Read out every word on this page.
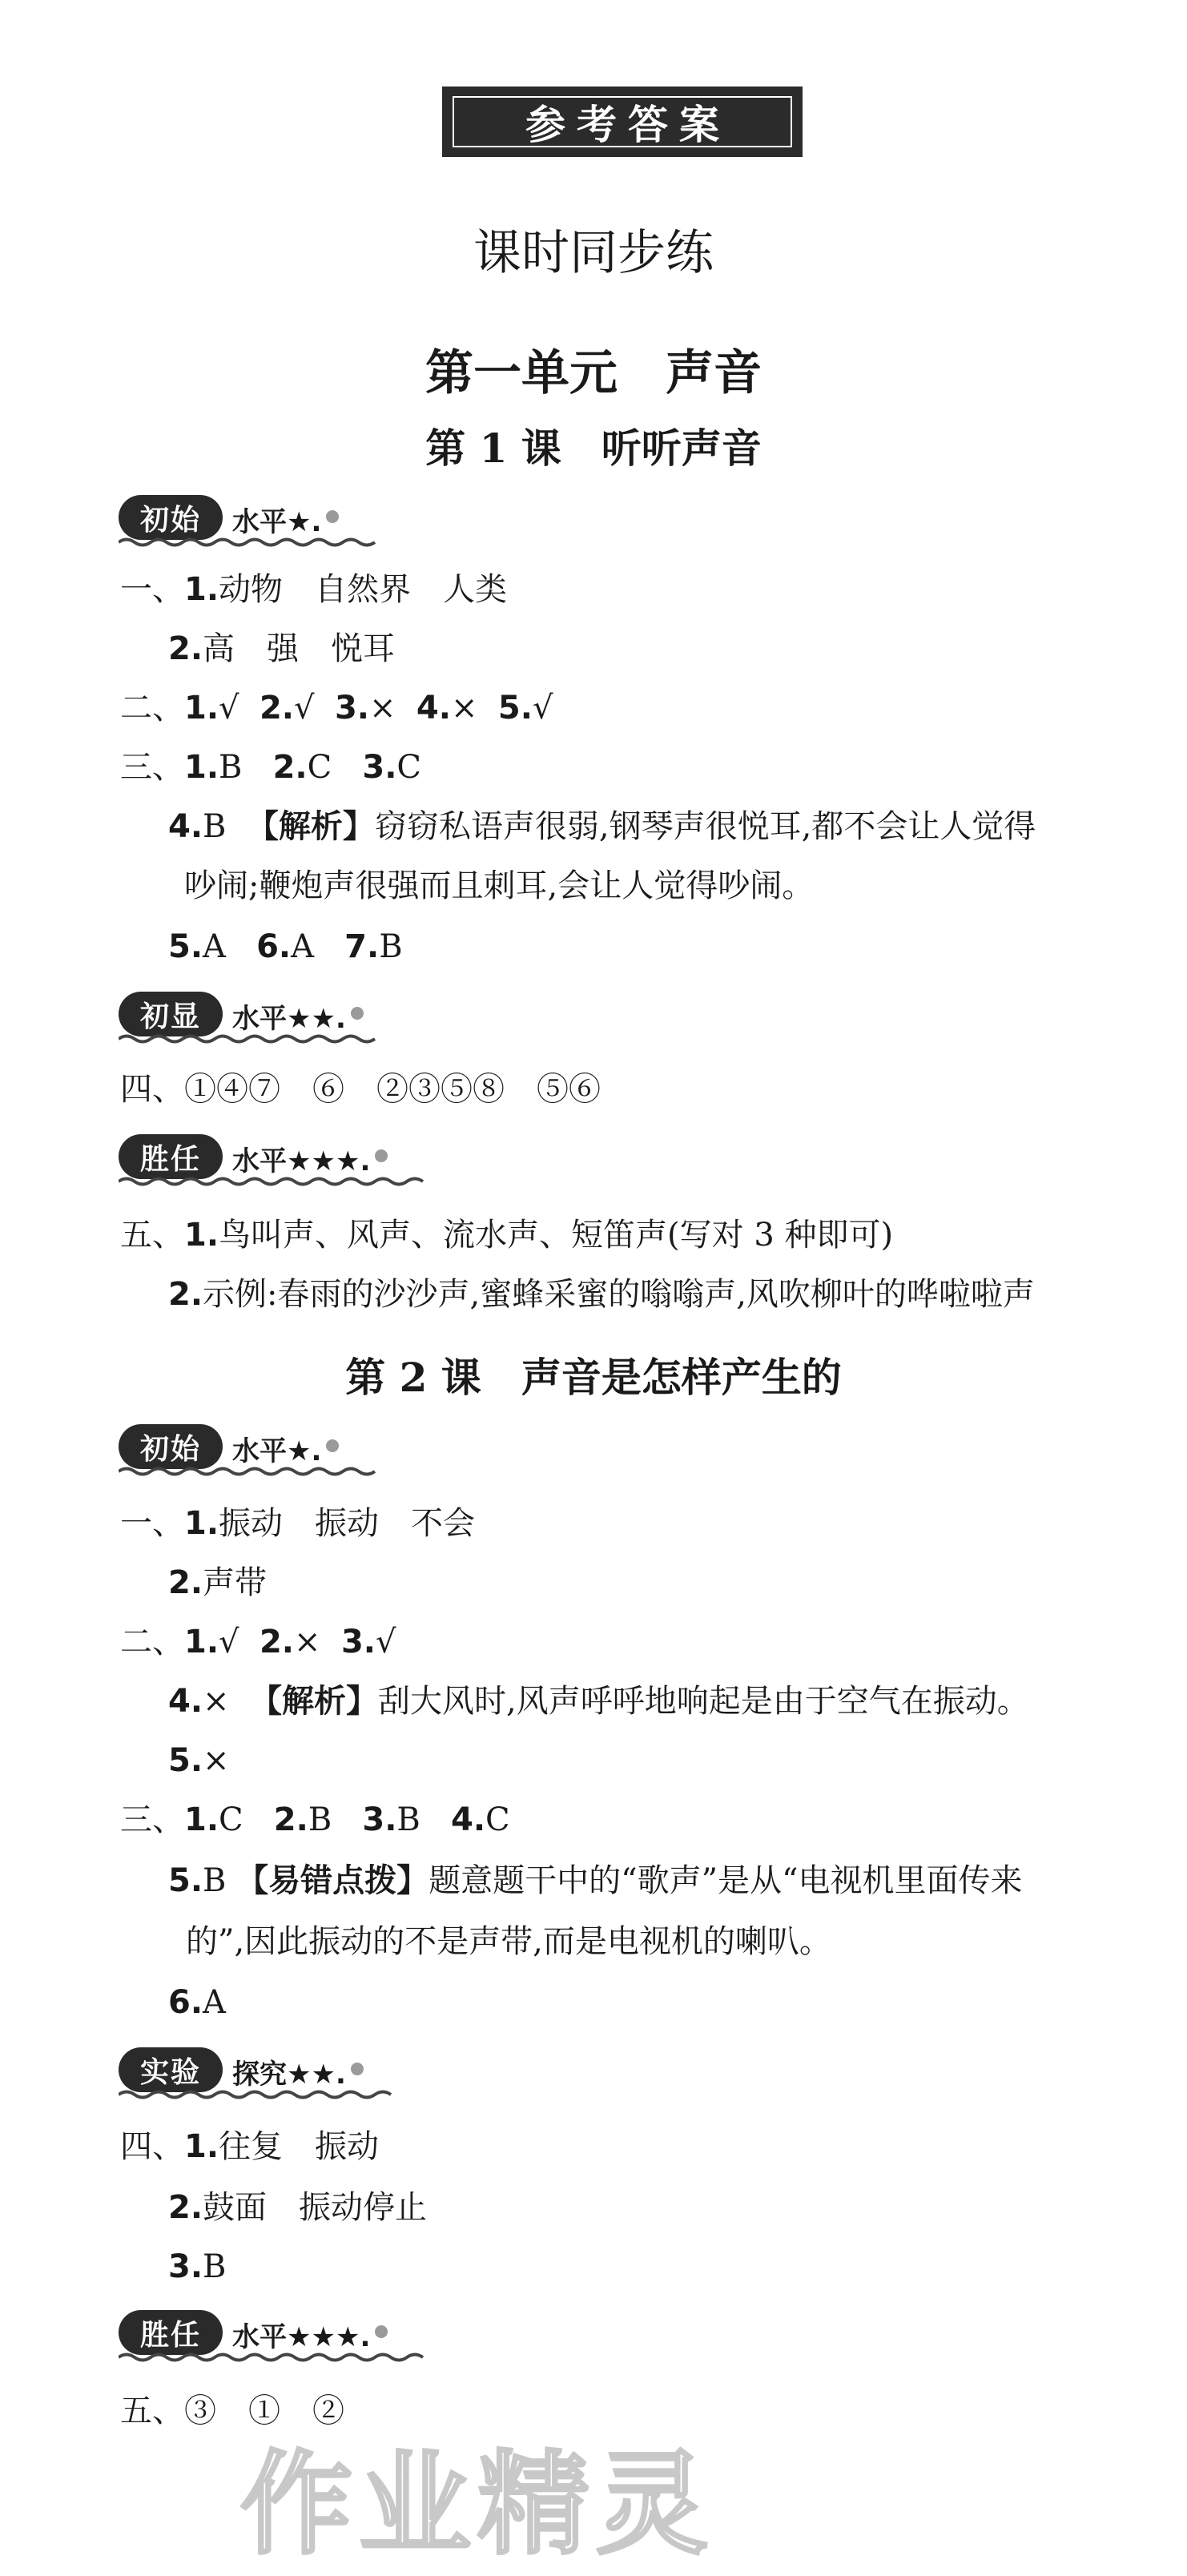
参考答案
课时同步练
第一单元　声音
第 1 课　听听声音
初始	水平★.
一、1.动物　自然界　人类
2.高　强　悦耳
二、1.√ 2.√ 3.× 4.× 5.√
三、1.B 2.C 3.C
4.B 【解析】窃窃私语声很弱,钢琴声很悦耳,都不会让人觉得
吵闹;鞭炮声很强而且刺耳,会让人觉得吵闹。
5.A 6.A 7.B
初显	水平★★.
四、①④⑦　⑥　②③⑤⑧　⑤⑥
胜任	水平★★★.
五、1.鸟叫声、风声、流水声、短笛声(写对 3 种即可)
2.示例:春雨的沙沙声,蜜蜂采蜜的嗡嗡声,风吹柳叶的哗啦啦声
第 2 课　声音是怎样产生的
初始	水平★.
一、1.振动　振动　不会
2.声带
二、1.√ 2.× 3.√
4.× 【解析】刮大风时,风声呼呼地响起是由于空气在振动。
5.×
三、1.C 2.B 3.B 4.C
5.B 【易错点拨】题意题干中的“歌声”是从“电视机里面传来
的”,因此振动的不是声带,而是电视机的喇叭。
6.A
实验	探究★★.
四、1.往复　振动
2.鼓面　振动停止
3.B
胜任	水平★★★.
五、③　①　②
作业精灵
